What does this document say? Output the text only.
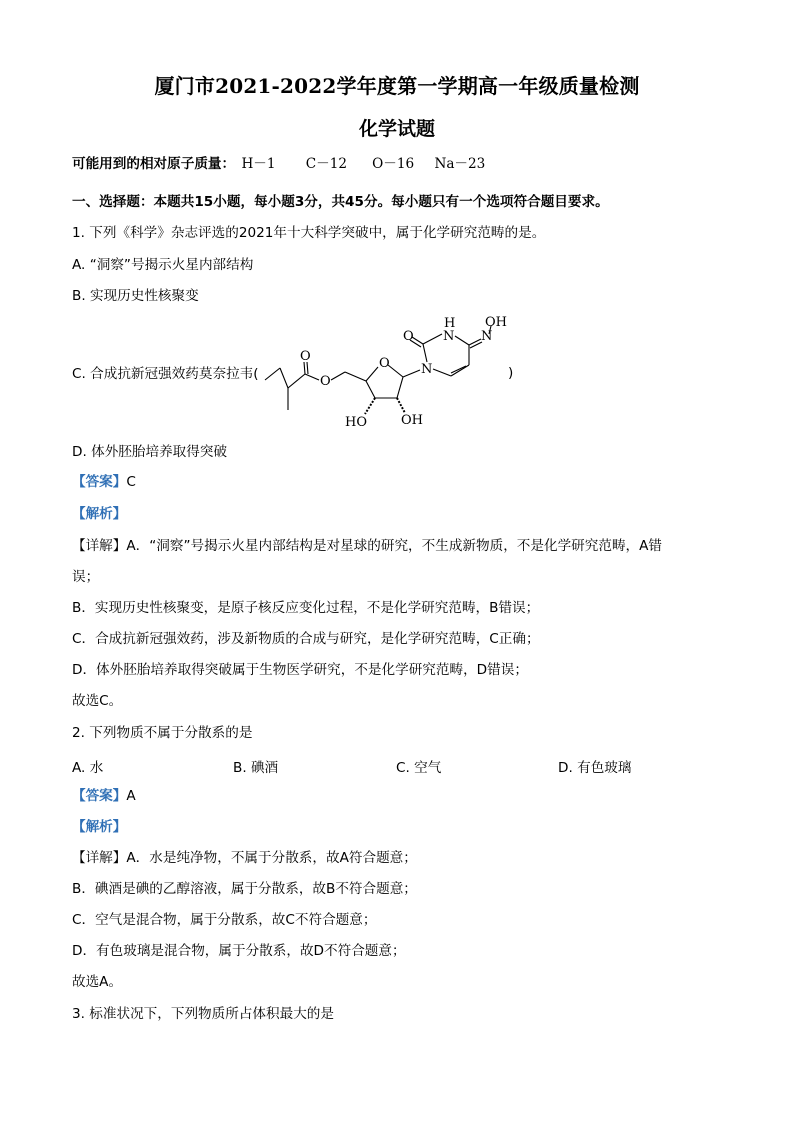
厦门市2021-2022学年度第一学期高一年级质量检测
化学试题
可能用到的相对原子质量： H－1 C－12 O－16 Na－23
一、选择题：本题共15小题，每小题3分，共45分。每小题只有一个选项符合题目要求。
1. 下列《科学》杂志评选的2021年十大科学突破中，属于化学研究范畴的是。
A. “洞察”号揭示火星内部结构
B. 实现历史性核聚变
C. 合成抗新冠强效药莫奈拉韦(	)
O
O
O N
N
H
O	N
OH
HO	OH
D. 体外胚胎培养取得突破
【答案】C
【解析】
【详解】A．“洞察”号揭示火星内部结构是对星球的研究，不生成新物质，不是化学研究范畴，A错
误；
B．实现历史性核聚变，是原子核反应变化过程，不是化学研究范畴，B错误；
C．合成抗新冠强效药，涉及新物质的合成与研究，是化学研究范畴，C正确；
D．体外胚胎培养取得突破属于生物医学研究，不是化学研究范畴，D错误；
故选C。
2. 下列物质不属于分散系的是
A. 水	B. 碘酒	C. 空气	D. 有色玻璃
【答案】A
【解析】
【详解】A．水是纯净物，不属于分散系，故A符合题意；
B．碘酒是碘的乙醇溶液，属于分散系，故B不符合题意；
C．空气是混合物，属于分散系，故C不符合题意；
D．有色玻璃是混合物，属于分散系，故D不符合题意；
故选A。
3. 标准状况下，下列物质所占体积最大的是
